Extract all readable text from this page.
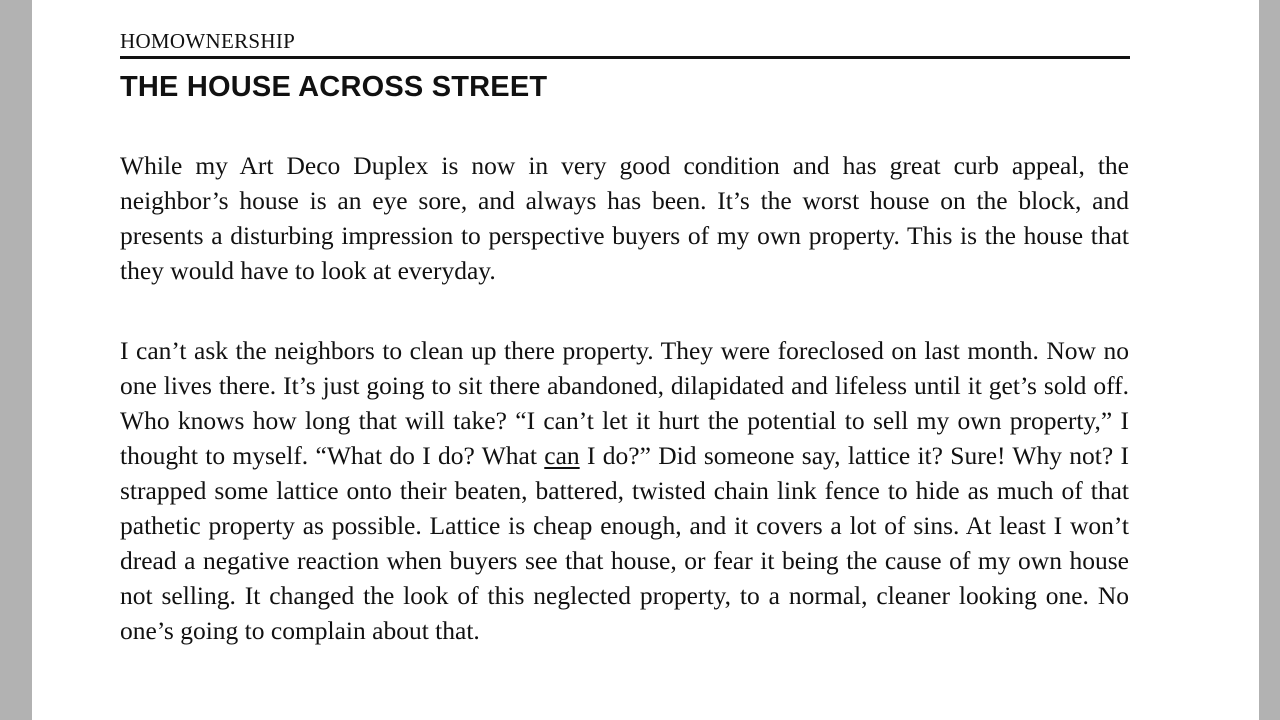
HOMOWNERSHIP
THE HOUSE ACROSS STREET

While my Art Deco Duplex is now in very good condition and has great curb appeal, the neighbor’s house is an eye sore, and always has been. It’s the worst house on the block, and presents a disturbing impression to perspective buyers of my own property. This is the house that they would have to look at everyday.

I can’t ask the neighbors to clean up there property. They were foreclosed on last month. Now no one lives there. It’s just going to sit there abandoned, dilapidated and lifeless until it get’s sold off. Who knows how long that will take? “I can’t let it hurt the potential to sell my own property,” I thought to myself. “What do I do? What can I do?” Did someone say, lattice it? Sure! Why not? I strapped some lattice onto their beaten, battered, twisted chain link fence to hide as much of that pathetic property as possible. Lattice is cheap enough, and it covers a lot of sins. At least I won’t dread a negative reaction when buyers see that house, or fear it being the cause of my own house not selling. It changed the look of this neglected property, to a normal, cleaner looking one. No one’s going to complain about that.
